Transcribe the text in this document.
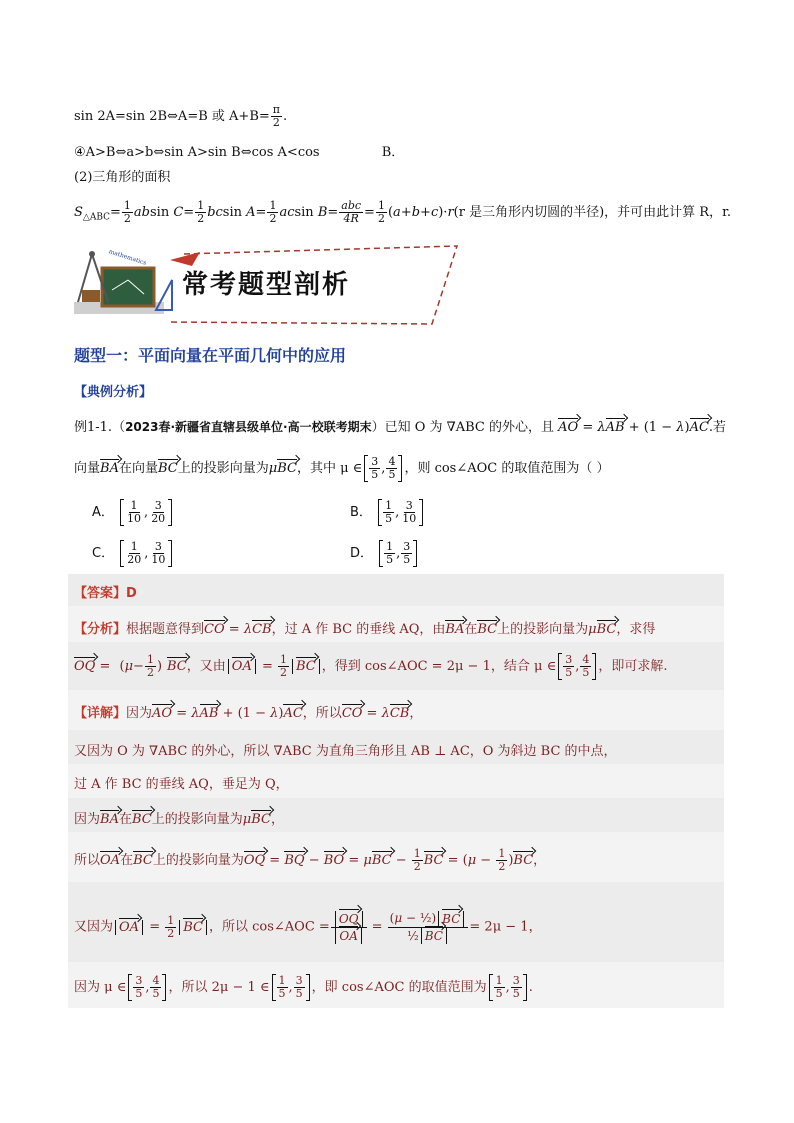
sin 2A=sin 2B⇔A=B 或 $A+B= \frac{\pi}{2}$ .
④A>B⇔a>b⇔sin A>sin B⇔cos A<cos	B．
(2)三角形的面积
$S_{\triangle ABC}= \frac{1}{2}$ absin $C= \frac{1}{2}$ bcsin $A= \frac{1}{2}$ acsin $B= \frac{\text{abc}}{4R} = \frac{1}{2} (a+b+c)\cdot r(r$ 是三角形内切圆的半径)，并可由此计算 R，r.
mathematics
常考题型剖析
题型一：平面向量在平面几何中的应用
【典例分析】
例1-1.（2023春·新疆省直辖县级单位·高一校联考期末）已知 O 为 ∇ABC 的外心，且 AO = λAB + (1 − λ)AC.若
向量BA在向量BC上的投影向量为μBC，其中 μ ∈ $\frac{3}{5}$ , $\frac{4}{5}$ ，则 cos∠AOC 的取值范围为（ ）
A． $\frac{1}{10}$ , $\frac{3}{20}$	B． $\frac{1}{5}$ , $\frac{3}{10}$
C． $\frac{1}{20}$ , $\frac{3}{10}$	D． $\frac{1}{5}$ , $\frac{3}{5}$
【答案】D
【分析】根据题意得到CO = λCB，过 A 作 BC 的垂线 AQ，由BA在BC上的投影向量为μBC，求得
OQ = ( $\mu - \frac{1}{2}$ ) BC，又由 OA = $\frac{1}{2}$ BC ，得到 cos∠AOC = 2μ − 1，结合 μ ∈ $\frac{3}{5}$ , $\frac{4}{5}$ ，即可求解.
【详解】因为AO = λAB + (1 − λ)AC，所以CO = λCB，
又因为 O 为 ∇ABC 的外心，所以 ∇ABC 为直角三角形且 AB ⊥ AC，O 为斜边 BC 的中点，
过 A 作 BC 的垂线 AQ，垂足为 Q，
因为BA在BC上的投影向量为μBC，
所以OA在BC上的投影向量为OQ = BQ − BO = $\mu BC - \frac{1}{2}$ BC = $(\mu - \frac{1}{2} )BC$，
又因为 OA = $\frac{1}{2}$ BC ，所以 cos∠AOC = $\frac{OQ}{OA} = \frac{\text{(μ − ½) BC}}{\text{½ BC}} = 2\mu - 1$，
因为 μ ∈ $\frac{3}{5}$ , $\frac{4}{5}$ ，所以 2μ − 1 ∈ $\frac{1}{5}$ , $\frac{3}{5}$ ，即 cos∠AOC 的取值范围为 $\frac{1}{5}$ , $\frac{3}{5}$ .
